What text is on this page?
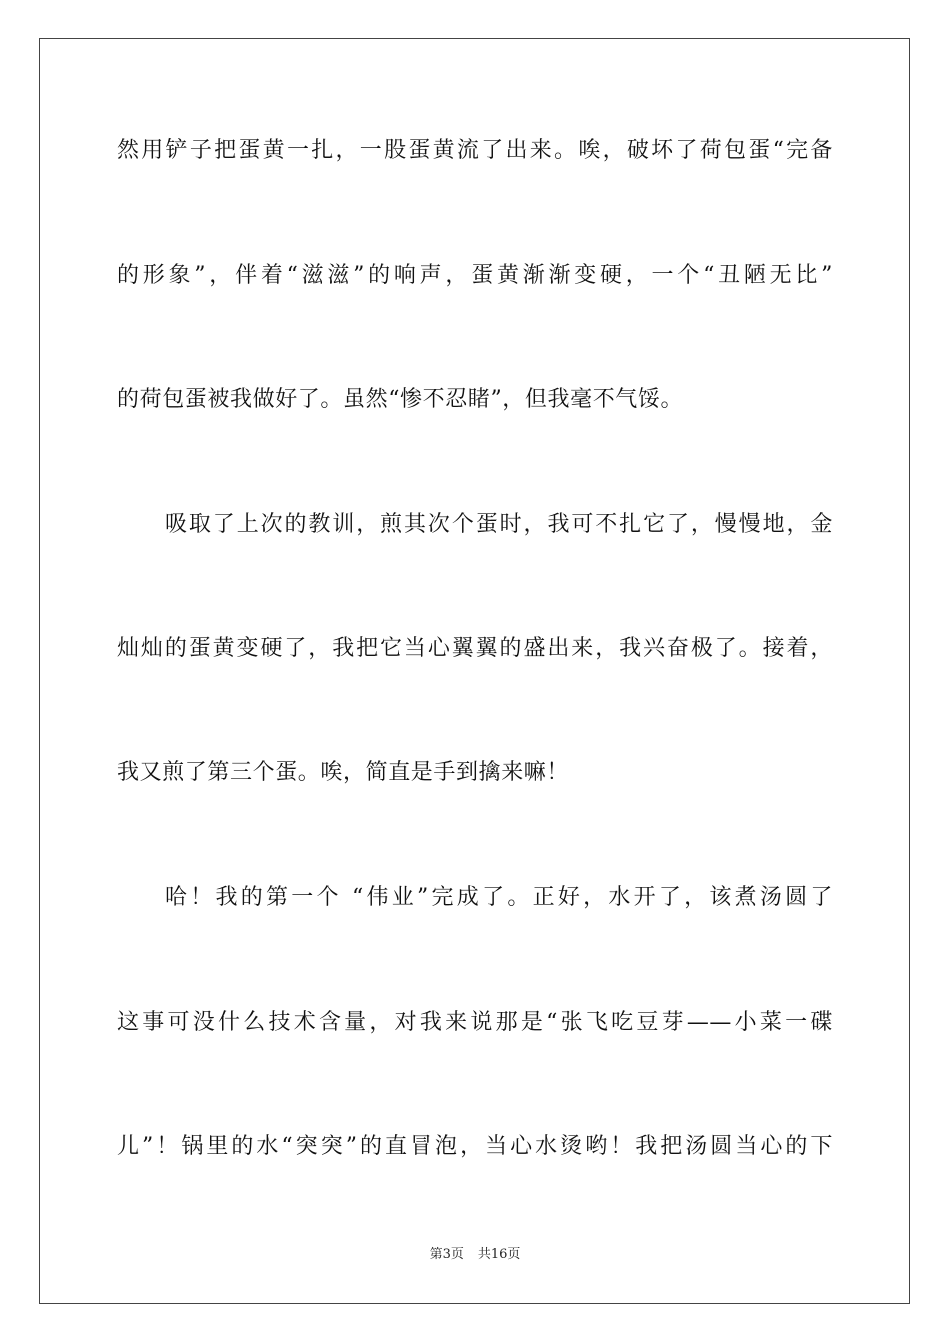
然用铲子把蛋黄一扎，一股蛋黄流了出来。唉，破坏了荷包蛋“完备
的形象”，伴着“滋滋”的响声，蛋黄渐渐变硬，一个“丑陋无比”
的荷包蛋被我做好了。虽然“惨不忍睹”，但我毫不气馁。
吸取了上次的教训，煎其次个蛋时，我可不扎它了，慢慢地，金
灿灿的蛋黄变硬了，我把它当心翼翼的盛出来，我兴奋极了。接着，
我又煎了第三个蛋。唉，简直是手到擒来嘛！
哈！我的第一个 “伟业”完成了。正好，水开了，该煮汤圆了
这事可没什么技术含量，对我来说那是“张飞吃豆芽——小菜一碟
儿”！锅里的水“突突”的直冒泡，当心水烫哟！我把汤圆当心的下
第3页 共16页
